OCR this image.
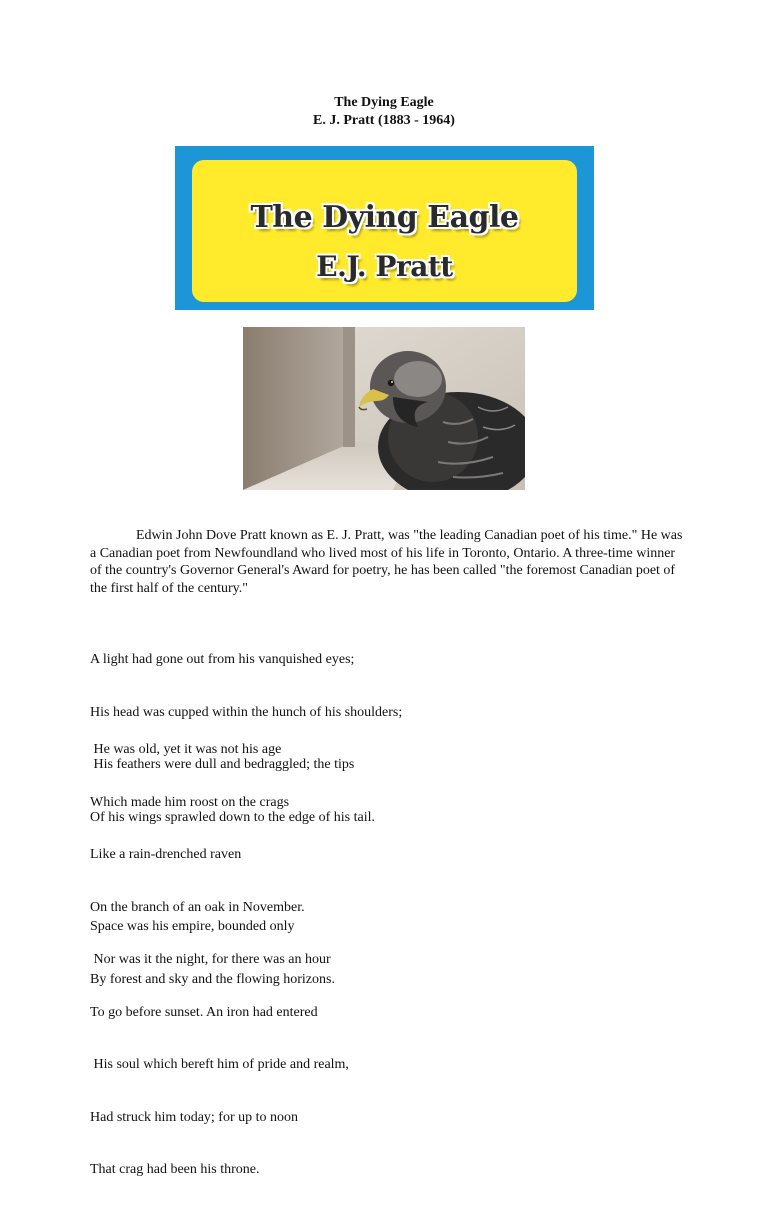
The Dying Eagle
E. J. Pratt (1883 - 1964)
The Dying Eagle
E.J. Pratt

Edwin John Dove Pratt known as E. J. Pratt, was "the leading Canadian poet of his time." He was a Canadian poet from Newfoundland who lived most of his life in Toronto, Ontario. A three-time winner of the country's Governor General's Award for poetry, he has been called "the foremost Canadian poet of the first half of the century."

A light had gone out from his vanquished eyes;

His head was cupped within the hunch of his shoulders;

His feathers were dull and bedraggled; the tips

Of his wings sprawled down to the edge of his tail.

He was old, yet it was not his age

Which made him roost on the crags

Like a rain-drenched raven

On the branch of an oak in November.

Nor was it the night, for there was an hour

To go before sunset. An iron had entered

His soul which bereft him of pride and realm,

Had struck him today; for up to noon

That crag had been his throne.

Space was his empire, bounded only

By forest and sky and the flowing horizons.
